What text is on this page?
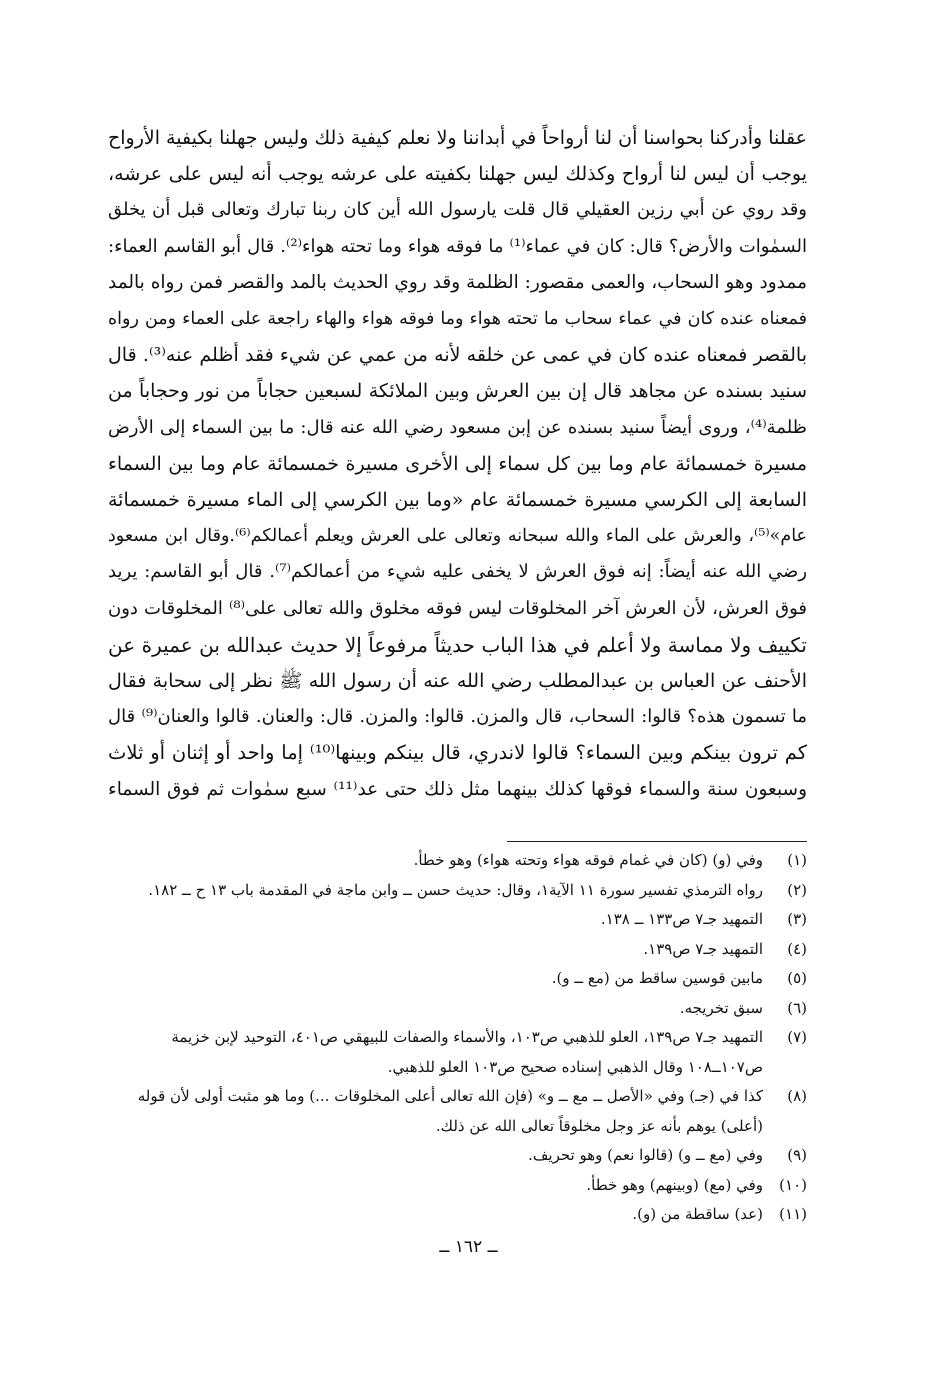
عقلنا وأدركنا بحواسنا أن لنا أرواحاً في أبداننا ولا نعلم كيفية ذلك وليس جهلنا بكيفية الأرواح
يوجب أن ليس لنا أرواح وكذلك ليس جهلنا بكفيته على عرشه يوجب أنه ليس على عرشه،
وقد روي عن أبي رزين العقيلي قال قلت يارسول الله أين كان ربنا تبارك وتعالى قبل أن يخلق
السمٰوات والأرض؟ قال: كان في عماء⁽¹⁾ ما فوقه هواء وما تحته هواء⁽²⁾. قال أبو القاسم العماء:
ممدود وهو السحاب، والعمى مقصور: الظلمة وقد روي الحديث بالمد والقصر فمن رواه بالمد
فمعناه عنده كان في عماء سحاب ما تحته هواء وما فوقه هواء والهاء راجعة على العماء ومن رواه
بالقصر فمعناه عنده كان في عمى عن خلقه لأنه من عمي عن شيء فقد أظلم عنه⁽³⁾. قال
سنيد بسنده عن مجاهد قال إن بين العرش وبين الملائكة لسبعين حجاباً من نور وحجاباً من
ظلمة⁽⁴⁾، وروى أيضاً سنيد بسنده عن إبن مسعود رضي الله عنه قال: ما بين السماء إلى الأرض
مسيرة خمسمائة عام وما بين كل سماء إلى الأخرى مسيرة خمسمائة عام وما بين السماء
السابعة إلى الكرسي مسيرة خمسمائة عام «وما بين الكرسي إلى الماء مسيرة خمسمائة
عام»⁽⁵⁾، والعرش على الماء والله سبحانه وتعالى على العرش ويعلم أعمالكم⁽⁶⁾.وقال ابن مسعود
رضي الله عنه أيضاً: إنه فوق العرش لا يخفى عليه شيء من أعمالكم⁽⁷⁾. قال أبو القاسم: يريد
فوق العرش، لأن العرش آخر المخلوقات ليس فوقه مخلوق والله تعالى على⁽⁸⁾ المخلوقات دون
تكييف ولا مماسة ولا أعلم في هذا الباب حديثاً مرفوعاً إلا حديث عبدالله بن عميرة عن
الأحنف عن العباس بن عبدالمطلب رضي الله عنه أن رسول الله ﷺ نظر إلى سحابة فقال
ما تسمون هذه؟ قالوا: السحاب، قال والمزن. قالوا: والمزن. قال: والعنان. قالوا والعنان⁽⁹⁾ قال
كم ترون بينكم وبين السماء؟ قالوا لاندري، قال بينكم وبينها⁽¹⁰⁾ إما واحد أو إثنان أو ثلاث
وسبعون سنة والسماء فوقها كذلك بينهما مثل ذلك حتى عد⁽¹¹⁾ سبع سمٰوات ثم فوق السماء
(١)
وفي (و) (كان في غمام فوقه هواء وتحته هواء) وهو خطأ.
(٢)
رواه الترمذي تفسير سورة ١١ الآية١، وقال: حديث حسن ــ وابن ماجة في المقدمة باب ١٣ ح ــ ١٨٢.
(٣)
التمهيد جـ٧ ص١٣٣ ــ ١٣٨.
(٤)
التمهيد جـ٧ ص١٣٩.
(٥)
مابين قوسين ساقط من (مع ــ و).
(٦)
سبق تخريجه.
(٧)
التمهيد جـ٧ ص١٣٩، العلو للذهبي ص١٠٣، والأسماء والصفات للبيهقي ص٤٠١، التوحيد لإبن خزيمة
ص١٠٧ــ١٠٨ وقال الذهبي إسناده صحيح ص١٠٣ العلو للذهبي.
(٨)
كذا في (جـ) وفي «الأصل ــ مع ــ و» (فإن الله تعالى أعلى المخلوقات ...) وما هو مثبت أولى لأن قوله
(أعلى) يوهم بأنه عز وجل مخلوقاً تعالى الله عن ذلك.
(٩)
وفي (مع ــ و) (قالوا نعم) وهو تحريف.
(١٠)
وفي (مع) (وبينهم) وهو خطأ.
(١١)
(عد) ساقطة من (و).
ــ ١٦٢ ــ
